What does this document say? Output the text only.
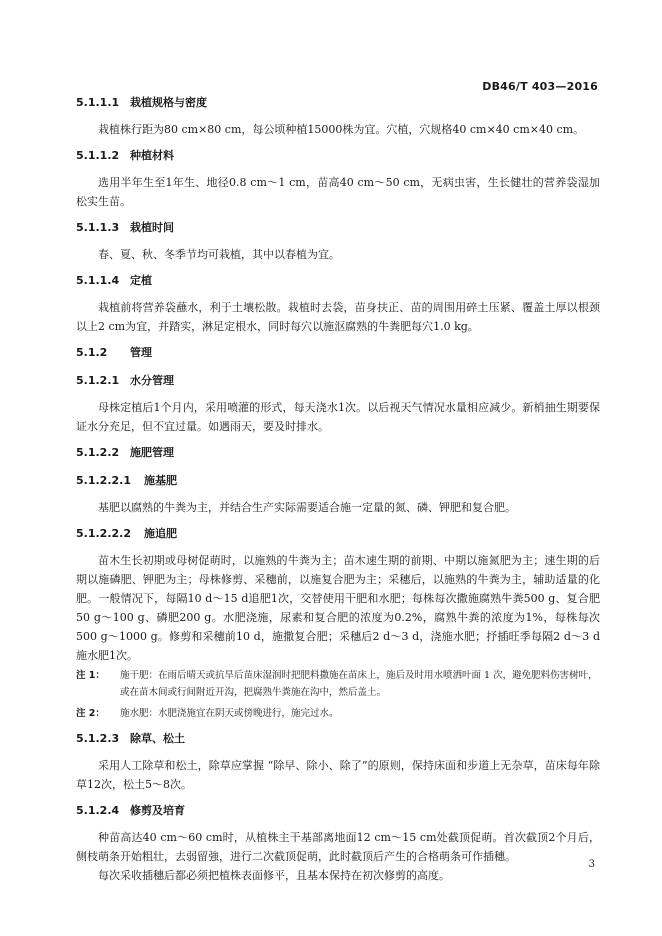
DB46/T 403—2016
5.1.1.1 栽植规格与密度

栽植株行距为80 cm×80 cm，每公顷种植15000株为宜。穴植，穴规格40 cm×40 cm×40 cm。

5.1.1.2 种植材料

选用半年生至1年生、地径0.8 cm～1 cm，苗高40 cm～50 cm，无病虫害，生长健壮的营养袋湿加松实生苗。

5.1.1.3 栽植时间

春、夏、秋、冬季节均可栽植，其中以春植为宜。

5.1.1.4 定植

栽植前将营养袋蘸水，利于土壤松散。栽植时去袋，苗身扶正、苗的周围用碎土压紧、覆盖土厚以根颈以上2 cm为宜，并踏实，淋足定根水，同时每穴以施沤腐熟的牛粪肥每穴1.0 kg。

5.1.2 管理
5.1.2.1 水分管理

母株定植后1个月内，采用喷灌的形式，每天浇水1次。以后视天气情况水量相应减少。新梢抽生期要保证水分充足，但不宜过量。如遇雨天，要及时排水。

5.1.2.2 施肥管理
5.1.2.2.1 施基肥

基肥以腐熟的牛粪为主，并结合生产实际需要适合施一定量的氮、磷、钾肥和复合肥。

5.1.2.2.2 施追肥

苗木生长初期或母树促萌时，以施熟的牛粪为主；苗木速生期的前期、中期以施氮肥为主；速生期的后期以施磷肥、钾肥为主；母株修剪、采穗前，以施复合肥为主；采穗后，以施熟的牛粪为主，辅助适量的化肥。一般情况下，每隔10 d～15 d追肥1次，交替使用干肥和水肥；每株每次撒施腐熟牛粪500 g、复合肥50 g～100 g、磷肥200 g。水肥浇施，尿素和复合肥的浓度为0.2%，腐熟牛粪的浓度为1%，每株每次500 g～1000 g。修剪和采穗前10 d，施撒复合肥；采穗后2 d～3 d，浇施水肥；抒插旺季每隔2 d～3 d施水肥1次。

注 1： 施干肥：在雨后晴天或抗旱后苗床湿润时把肥料撒施在苗床上，施后及时用水喷洒叶面 1 次，避免肥料伤害树叶，或在苗木间或行间附近开沟，把腐熟牛粪施在沟中，然后盖土。
注 2： 施水肥：水肥浇施宜在阴天或傍晚进行，施完过水。
5.1.2.3 除草、松土

采用人工除草和松土，除草应掌握 “除早、除小、除了”的原则，保持床面和步道上无杂草，苗床每年除草12次，松土5～8次。

5.1.2.4 修剪及培育

种苗高达40 cm～60 cm时，从植株主干基部离地面12 cm～15 cm处截顶促萌。首次截顶2个月后，侧枝萌条开始粗壮，去弱留強，进行二次截顶促萌，此时截顶后产生的合格萌条可作插穗。

每次采收插穗后都必须把植株表面修平，且基本保持在初次修剪的高度。

3
